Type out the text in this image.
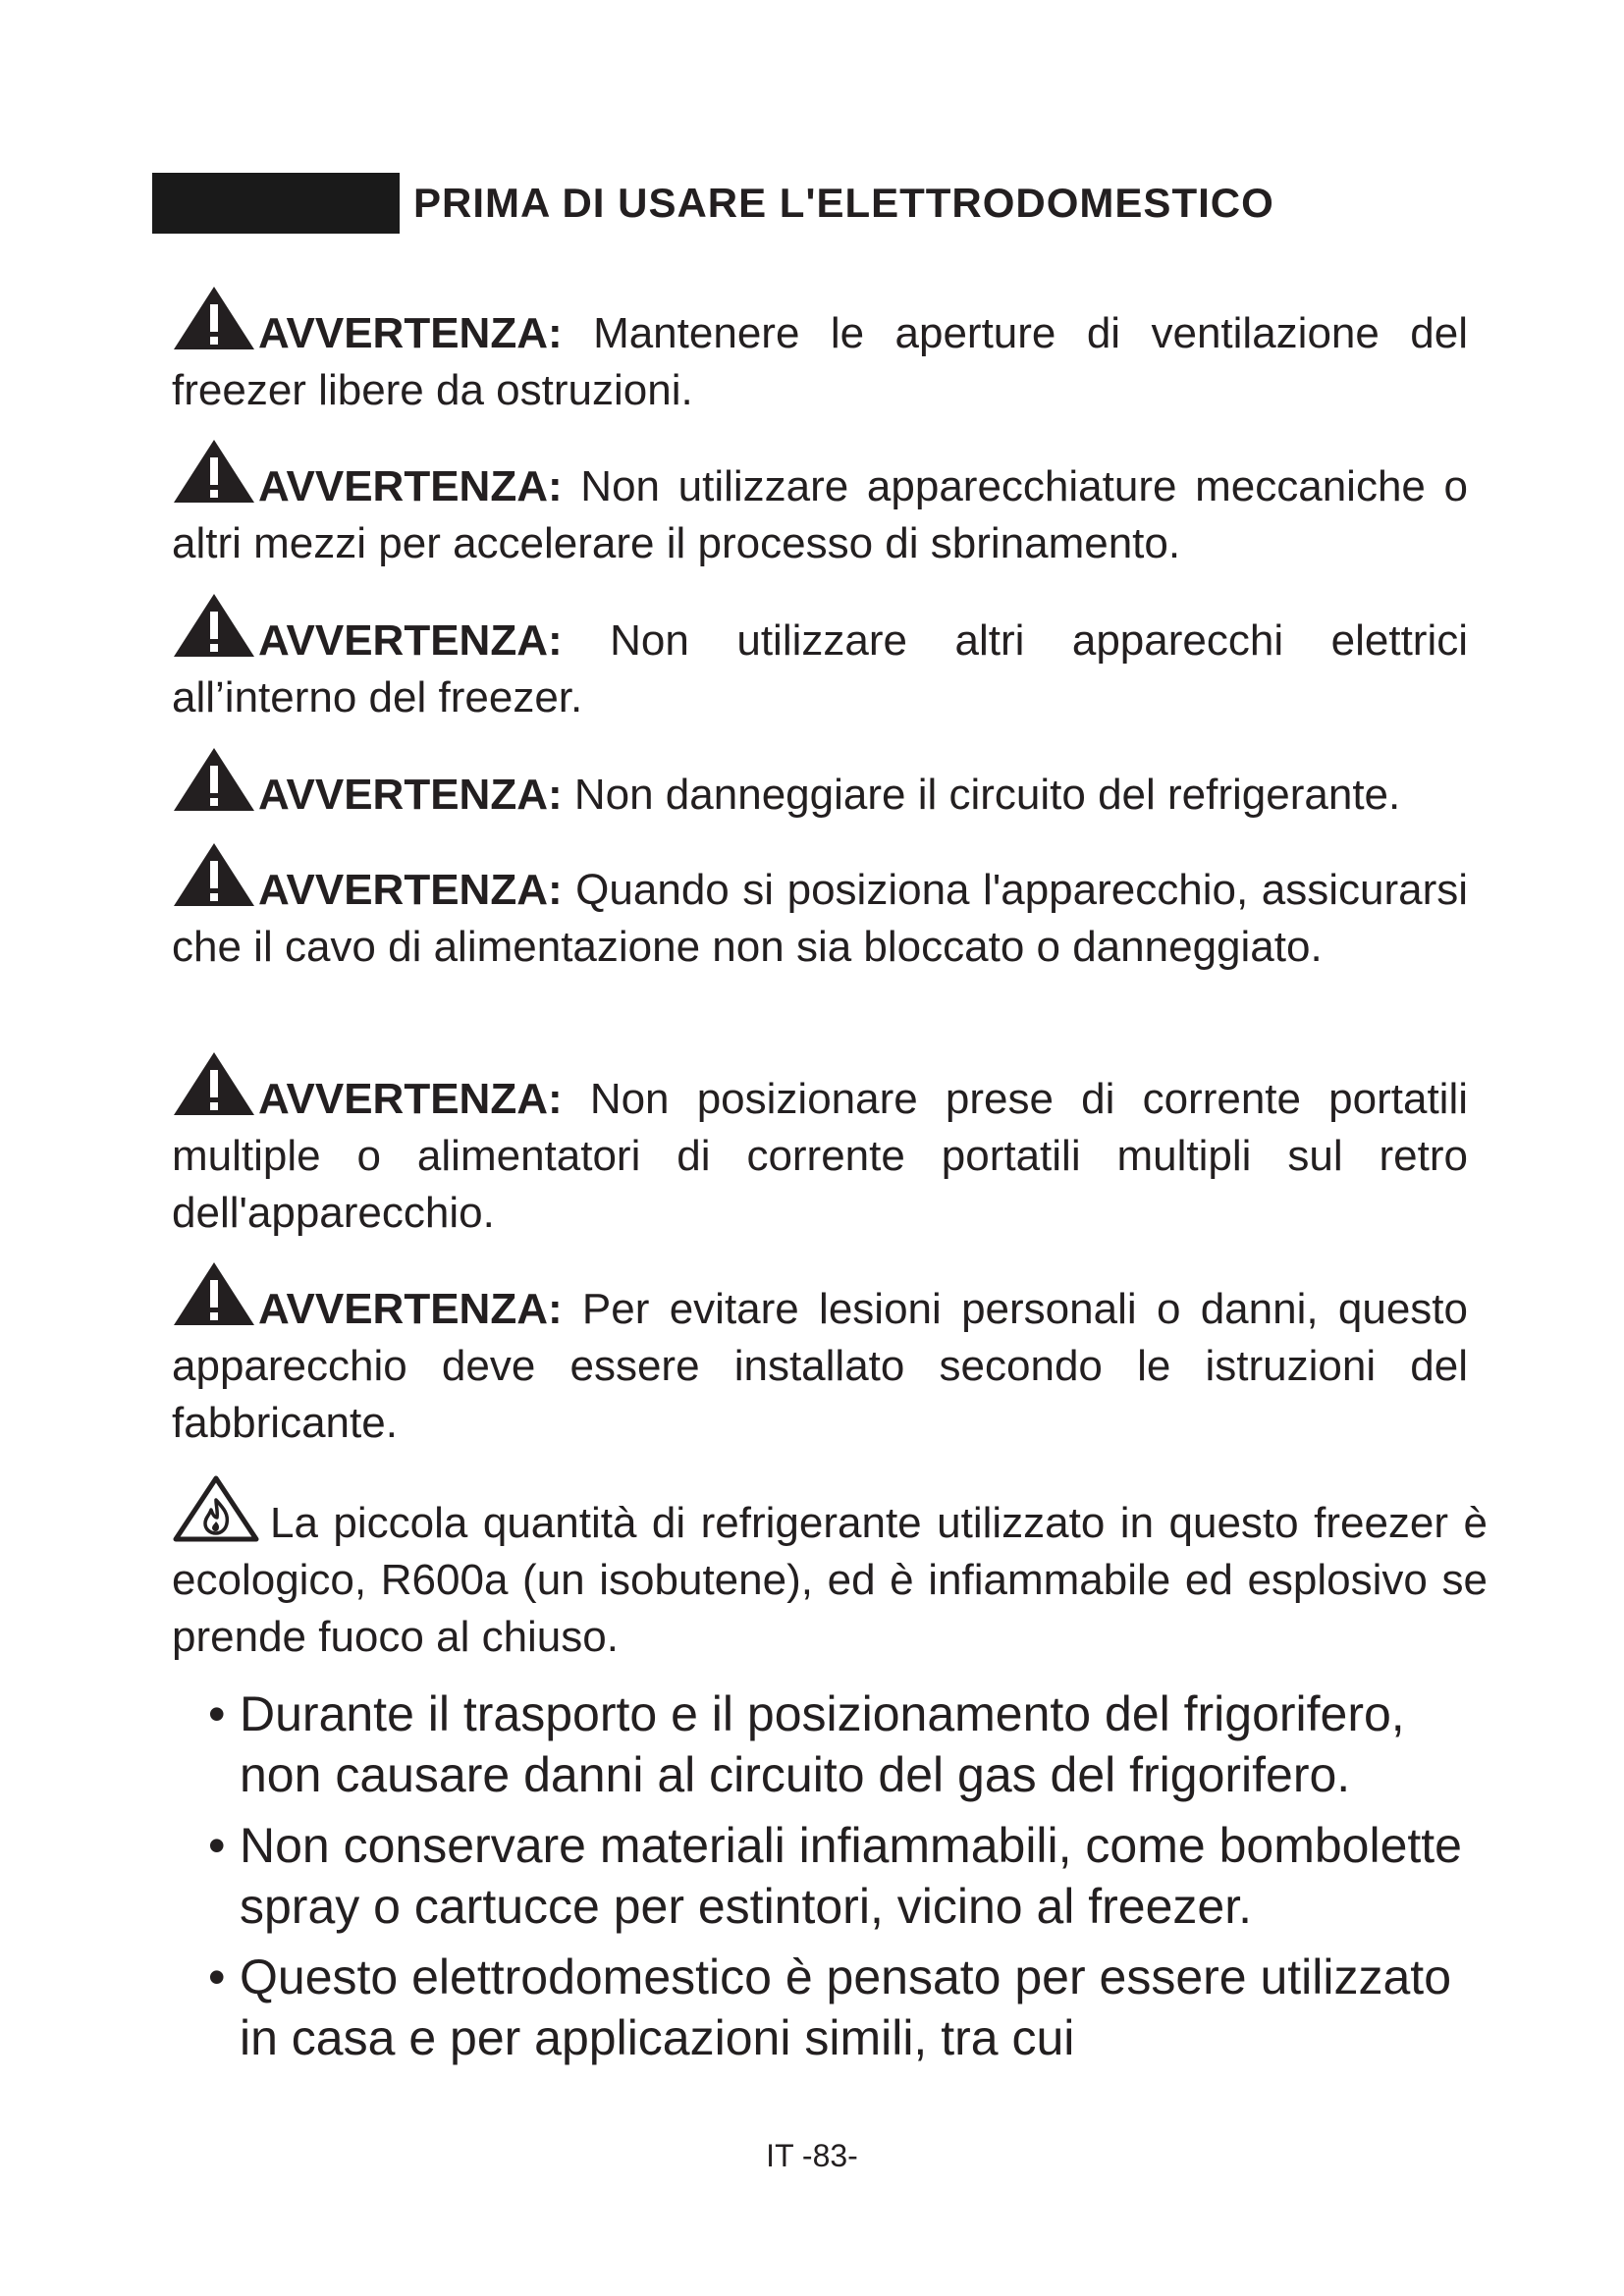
PRIMA DI USARE L'ELETTRODOMESTICO
AVVERTENZA: Mantenere le aperture di ventilazione del freezer libere da ostruzioni.
AVVERTENZA: Non utilizzare apparecchiature meccaniche o altri mezzi per accelerare il processo di sbrinamento.
AVVERTENZA: Non utilizzare altri apparecchi elettrici all’interno del freezer.
AVVERTENZA: Non danneggiare il circuito del refrigerante.
AVVERTENZA: Quando si posiziona l'apparecchio, assicurarsi che il cavo di alimentazione non sia bloccato o danneggiato.
AVVERTENZA: Non posizionare prese di corrente portatili multiple o alimentatori di corrente portatili multipli sul retro dell'apparecchio.
AVVERTENZA: Per evitare lesioni personali o danni, questo apparecchio deve essere installato secondo le istruzioni del fabbricante.
La piccola quantità di refrigerante utilizzato in questo freezer è ecologico, R600a (un isobutene), ed è infiammabile ed esplosivo se prende fuoco al chiuso.
• Durante il trasporto e il posizionamento del frigorifero, non causare danni al circuito del gas del frigorifero.
• Non conservare materiali infiammabili, come bombolette spray o cartucce per estintori, vicino al freezer.
• Questo elettrodomestico è pensato per essere utilizzato in casa e per applicazioni simili, tra cui
IT -83-
